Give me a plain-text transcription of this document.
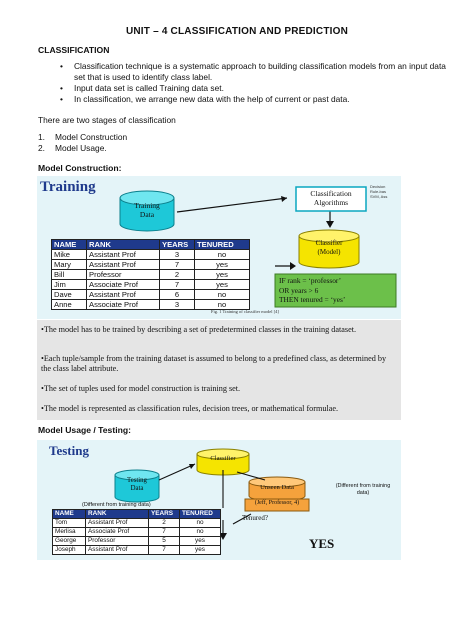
UNIT – 4 CLASSIFICATION AND PREDICTION
CLASSIFICATION
• Classification technique is a systematic approach to building classification models from an input data set that is used to identify class label.
• Input data set is called Training data set.
• In classification, we arrange new data with the help of current or past data.
There are two stages of classification
1. Model Construction
2. Model Usage.
Model Construction:
Training
Training
Data
Classification
Algorithms
Decision
Rule-bas
SVM, Ass
Classifier
(Model)
IF rank = ‘professor’
OR years > 6
THEN tenured = ‘yes’
Fig. 1 Training of classifier model [4]
NAME	RANK	YEARS	TENURED
Mike	Assistant Prof	3	no
Mary	Assistant Prof	7	yes
Bill	Professor	2	yes
Jim	Associate Prof	7	yes
Dave	Assistant Prof	6	no
Anne	Associate Prof	3	no

•The model has to be trained by describing a set of predetermined classes in the training dataset.

•Each tuple/sample from the training dataset is assumed to belong to a predefined class, as determined by the class label attribute.

•The set of tuples used for model construction is training set.

•The model is represented as classification rules, decision trees, or mathematical formulae.

Model Usage / Testing:
Testing
Testing
Data
Classifier
Unseen Data
(Jeff, Professor, 4)
(Different from training data)
(Different from training
data)
Tenured?
YES
NAME	RANK	YEARS	TENURED
Tom	Assistant Prof	2	no
Merlisa	Associate Prof	7	no
George	Professor	5	yes
Joseph	Assistant Prof	7	yes
